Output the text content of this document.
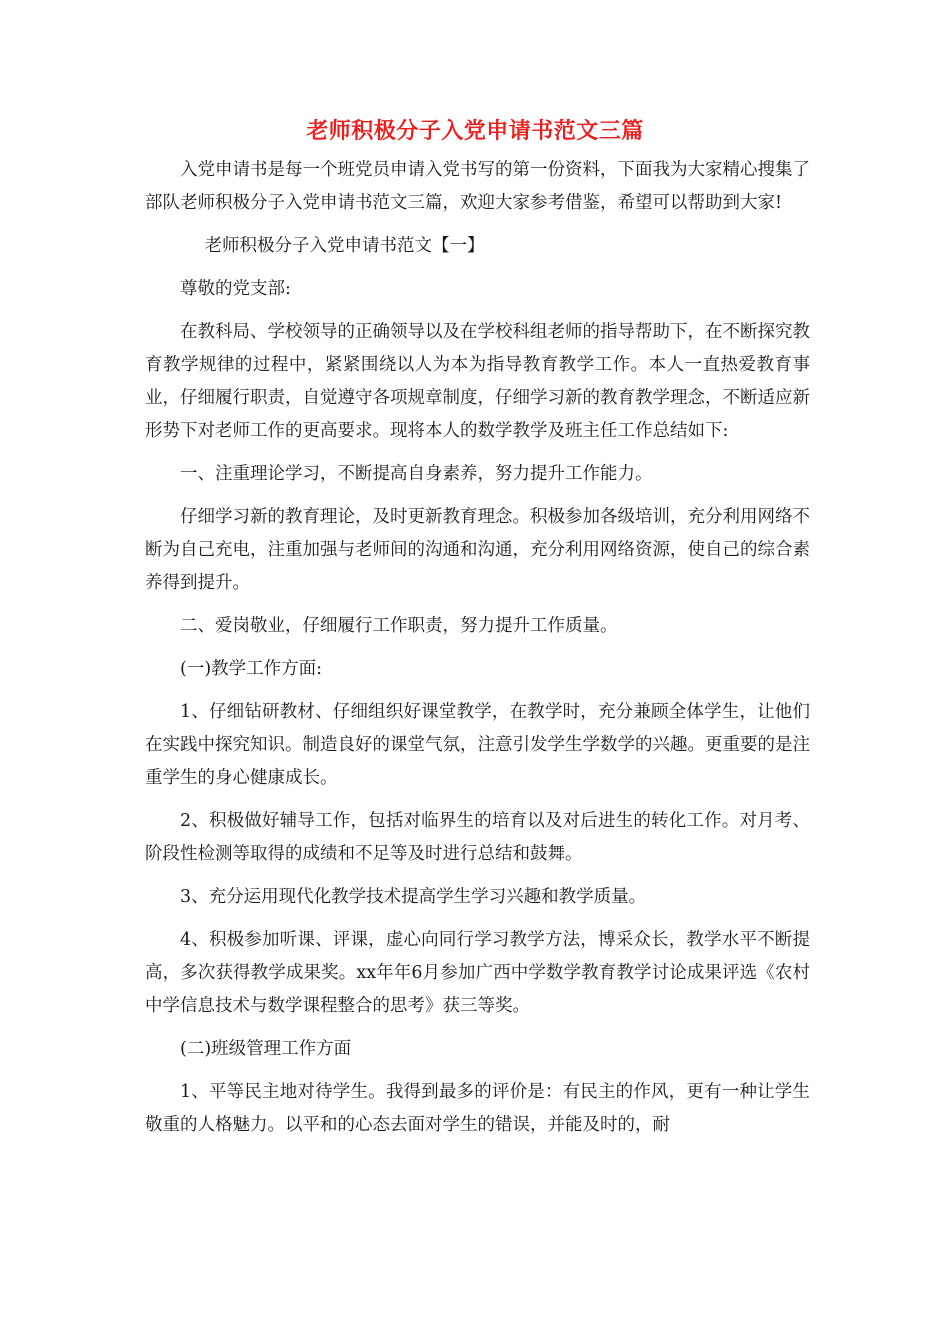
老师积极分子入党申请书范文三篇

入党申请书是每一个班党员申请入党书写的第一份资料，下面我为大家精心搜集了部队老师积极分子入党申请书范文三篇，欢迎大家参考借鉴，希望可以帮助到大家!

老师积极分子入党申请书范文【一】

尊敬的党支部:

在教科局、学校领导的正确领导以及在学校科组老师的指导帮助下，在不断探究教育教学规律的过程中，紧紧围绕以人为本为指导教育教学工作。本人一直热爱教育事业，仔细履行职责，自觉遵守各项规章制度，仔细学习新的教育教学理念，不断适应新形势下对老师工作的更高要求。现将本人的数学教学及班主任工作总结如下:

一、注重理论学习，不断提高自身素养，努力提升工作能力。

仔细学习新的教育理论，及时更新教育理念。积极参加各级培训，充分利用网络不断为自己充电，注重加强与老师间的沟通和沟通，充分利用网络资源，使自己的综合素养得到提升。

二、爱岗敬业，仔细履行工作职责，努力提升工作质量。

(一)教学工作方面:

1、仔细钻研教材、仔细组织好课堂教学，在教学时，充分兼顾全体学生，让他们在实践中探究知识。制造良好的课堂气氛，注意引发学生学数学的兴趣。更重要的是注重学生的身心健康成长。

2、积极做好辅导工作，包括对临界生的培育以及对后进生的转化工作。对月考、阶段性检测等取得的成绩和不足等及时进行总结和鼓舞。

3、充分运用现代化教学技术提高学生学习兴趣和教学质量。

4、积极参加听课、评课，虚心向同行学习教学方法，博采众长，教学水平不断提高，多次获得教学成果奖。xx年年6月参加广西中学数学教育教学讨论成果评选《农村中学信息技术与数学课程整合的思考》获三等奖。

(二)班级管理工作方面

1、平等民主地对待学生。我得到最多的评价是：有民主的作风，更有一种让学生敬重的人格魅力。以平和的心态去面对学生的错误，并能及时的，耐
